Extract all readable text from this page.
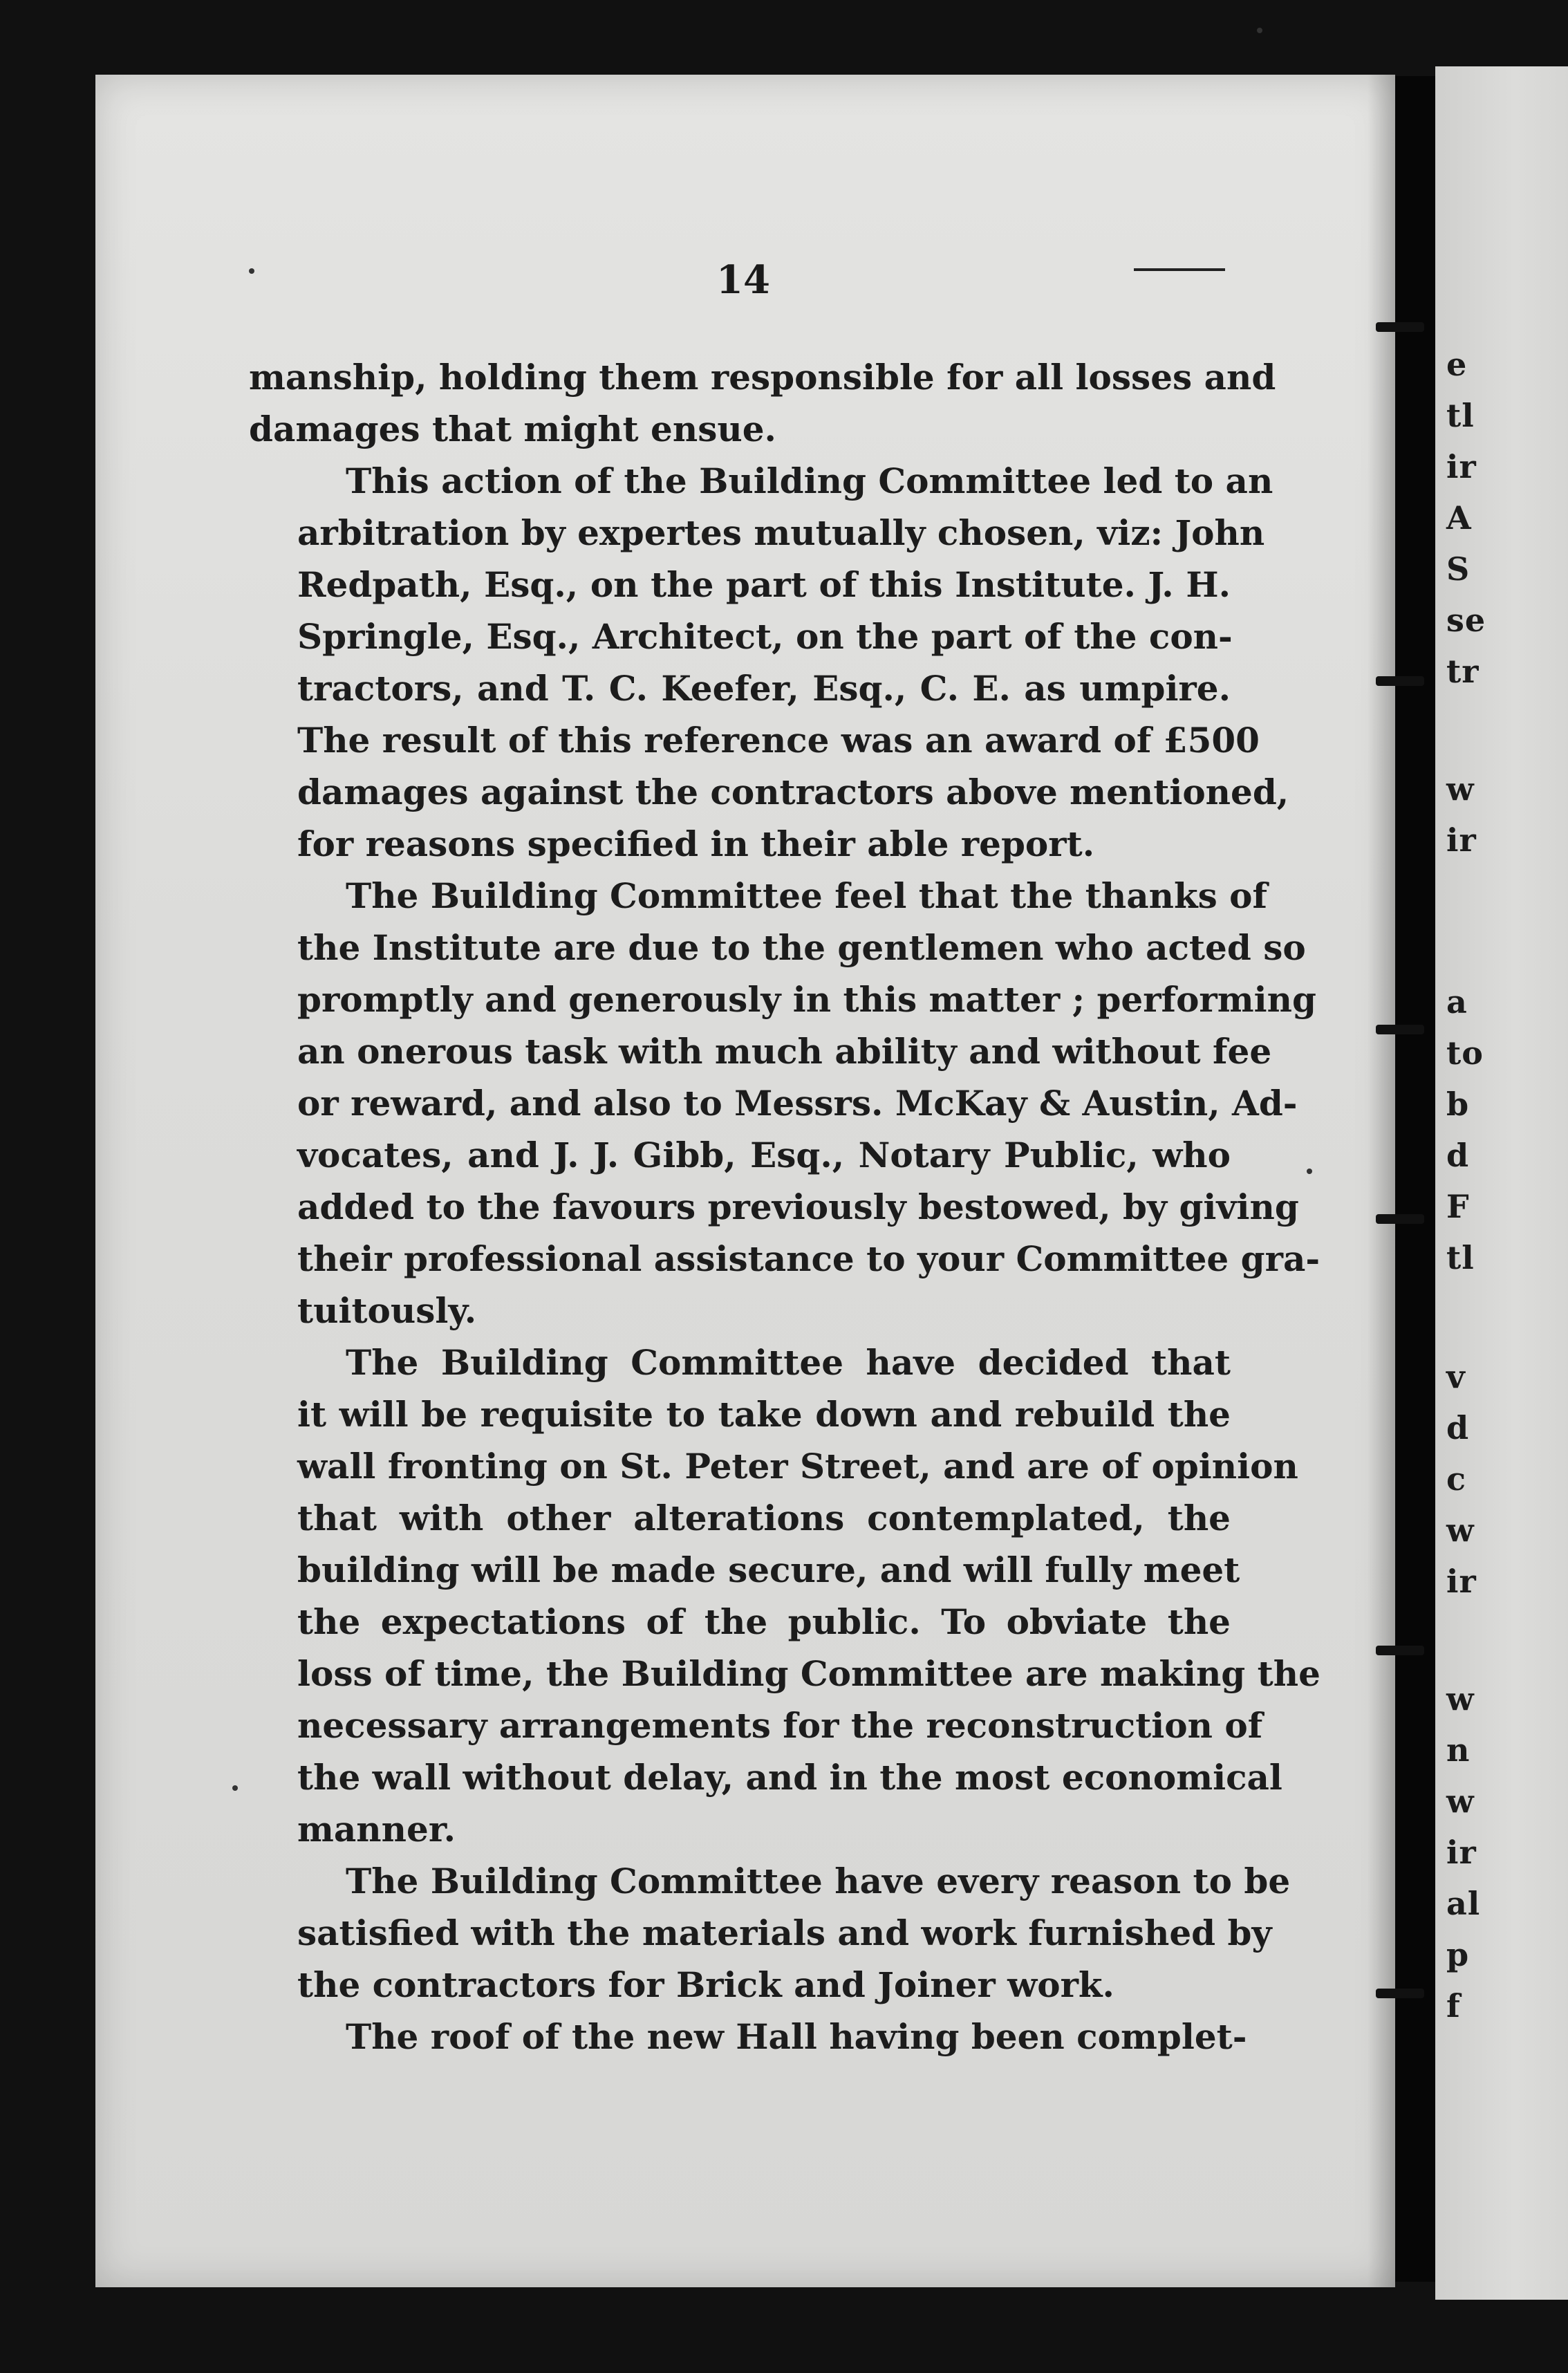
e
tl
ir
A
S
se
tr
w
ir
a
to
b
d
F
tl
v
d
c
w
ir
w
n
w
ir
al
p
f
14
manship, holding them responsible for all losses and
damages that might ensue.
This action of the Building Committee led to an
arbitration by expertes mutually chosen, viz: John
Redpath, Esq., on the part of this Institute. J. H.
Springle, Esq., Architect, on the part of the con-
tractors, and T. C. Keefer, Esq., C. E. as umpire.
The result of this reference was an award of £500
damages against the contractors above mentioned,
for reasons specified in their able report.
The Building Committee feel that the thanks of
the Institute are due to the gentlemen who acted so
promptly and generously in this matter ; performing
an onerous task with much ability and without fee
or reward, and also to Messrs. McKay & Austin, Ad-
vocates, and J. J. Gibb, Esq., Notary Public, who
added to the favours previously bestowed, by giving
their professional assistance to your Committee gra-
tuitously.
The Building Committee have decided that
it will be requisite to take down and rebuild the
wall fronting on St. Peter Street, and are of opinion
that with other alterations contemplated, the
building will be made secure, and will fully meet
the expectations of the public. To obviate the
loss of time, the Building Committee are making the
necessary arrangements for the reconstruction of
the wall without delay, and in the most economical
manner.
The Building Committee have every reason to be
satisfied with the materials and work furnished by
the contractors for Brick and Joiner work.
The roof of the new Hall having been complet-
